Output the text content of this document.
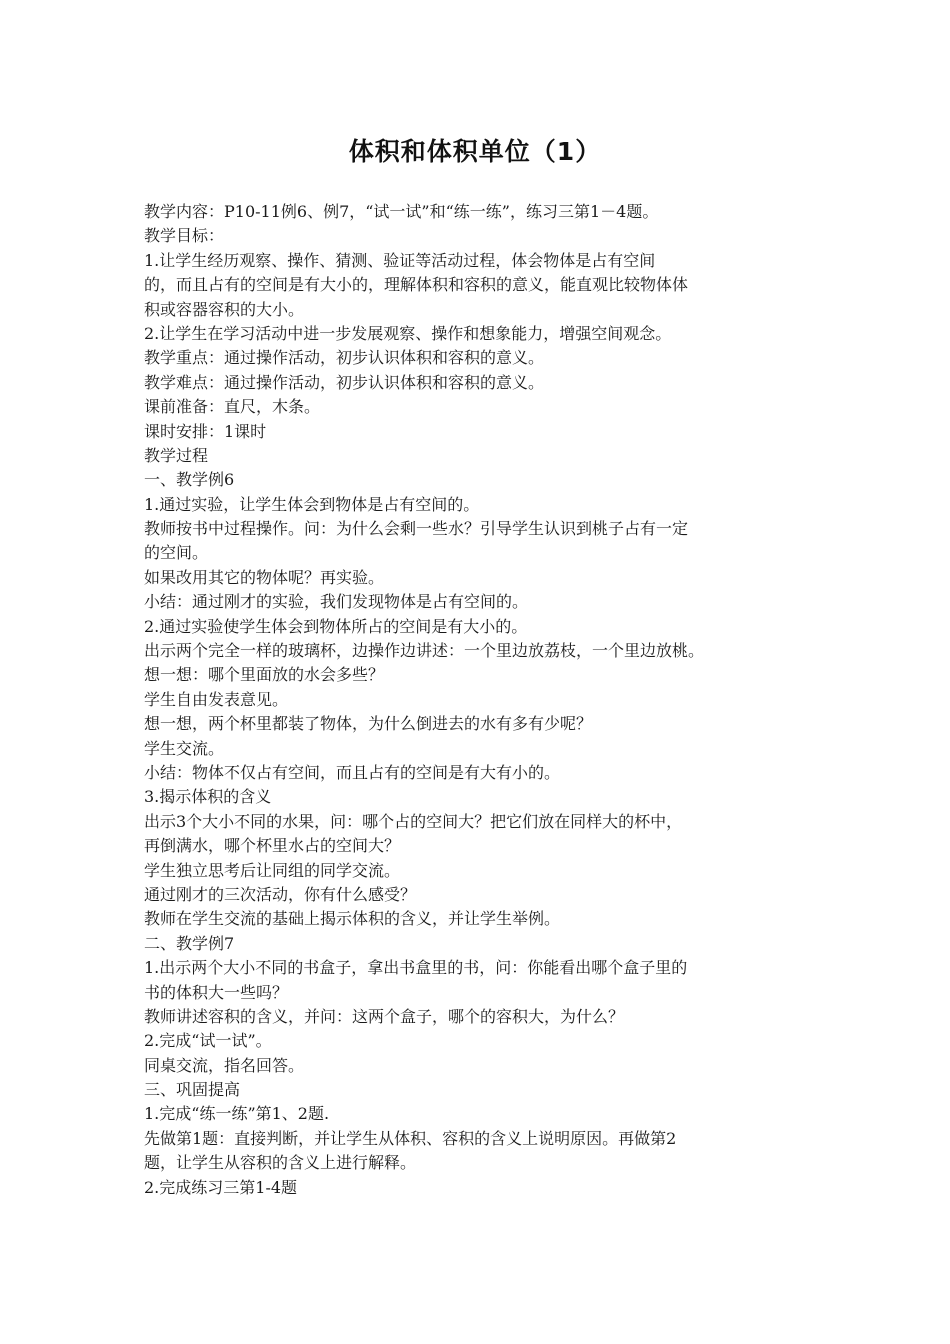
体积和体积单位（1）
教学内容：P10-11例6、例7，“试一试”和“练一练”，练习三第1－4题。
教学目标：
1.让学生经历观察、操作、猜测、验证等活动过程，体会物体是占有空间
的，而且占有的空间是有大小的，理解体积和容积的意义，能直观比较物体体
积或容器容积的大小。
2.让学生在学习活动中进一步发展观察、操作和想象能力，增强空间观念。
教学重点：通过操作活动，初步认识体积和容积的意义。
教学难点：通过操作活动，初步认识体积和容积的意义。
课前准备：直尺，木条。
课时安排：1课时
教学过程
一、教学例6
1.通过实验，让学生体会到物体是占有空间的。
教师按书中过程操作。问：为什么会剩一些水？引导学生认识到桃子占有一定
的空间。
如果改用其它的物体呢？再实验。
小结：通过刚才的实验，我们发现物体是占有空间的。
2.通过实验使学生体会到物体所占的空间是有大小的。
出示两个完全一样的玻璃杯，边操作边讲述：一个里边放荔枝，一个里边放桃。
想一想：哪个里面放的水会多些？
学生自由发表意见。
想一想，两个杯里都装了物体，为什么倒进去的水有多有少呢？
学生交流。
小结：物体不仅占有空间，而且占有的空间是有大有小的。
3.揭示体积的含义
出示3个大小不同的水果，问：哪个占的空间大？把它们放在同样大的杯中，
再倒满水，哪个杯里水占的空间大？
学生独立思考后让同组的同学交流。
通过刚才的三次活动，你有什么感受？
教师在学生交流的基础上揭示体积的含义，并让学生举例。
二、教学例7
1.出示两个大小不同的书盒子，拿出书盒里的书，问：你能看出哪个盒子里的
书的体积大一些吗？
教师讲述容积的含义，并问：这两个盒子，哪个的容积大，为什么？
2.完成“试一试”。
同桌交流，指名回答。
三、巩固提高
1.完成“练一练”第1、2题.
先做第1题：直接判断，并让学生从体积、容积的含义上说明原因。再做第2
题，让学生从容积的含义上进行解释。
2.完成练习三第1-4题
